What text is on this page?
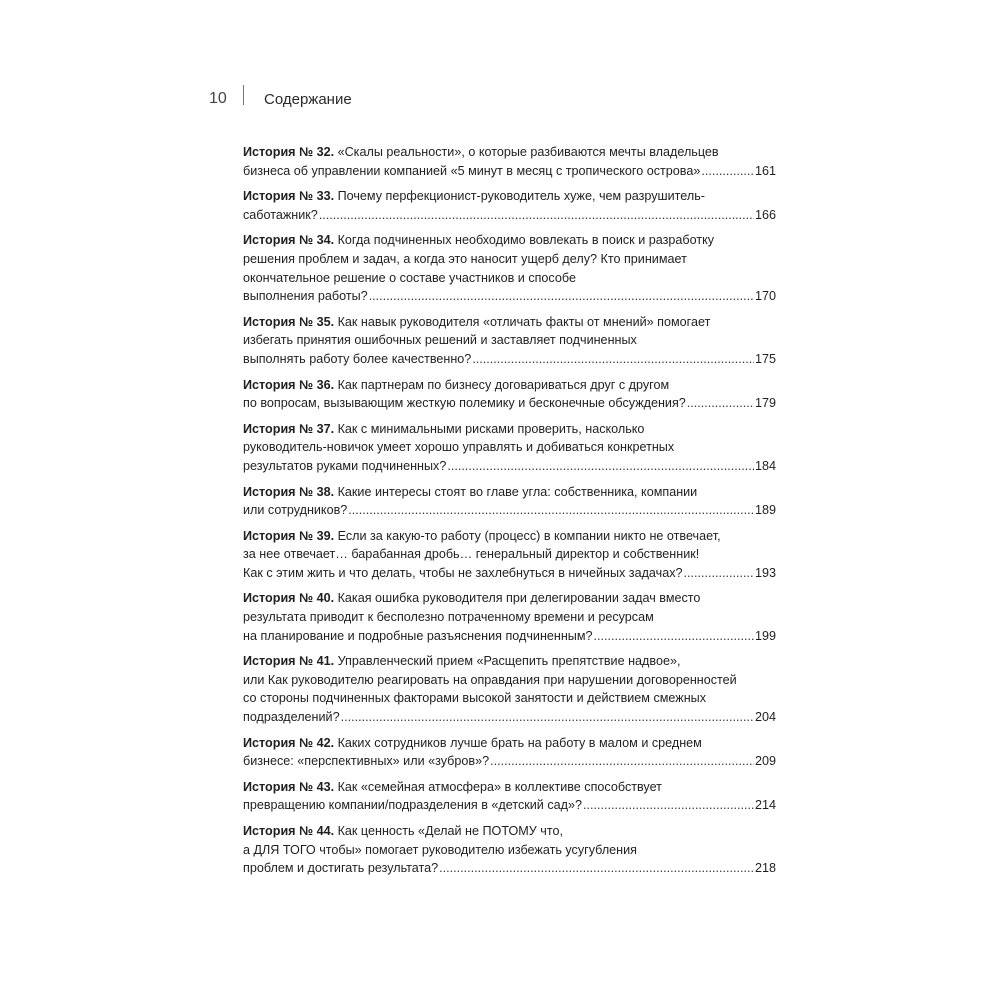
10	Содержание
История № 32. «Скалы реальности», о которые разбиваются мечты владельцев
бизнеса об управлении компанией «5 минут в месяц с тропического острова» .....	161
История № 33. Почему перфекционист-руководитель хуже, чем разрушитель-
саботажник? .....	166
История № 34. Когда подчиненных необходимо вовлекать в поиск и разработку
решения проблем и задач, а когда это наносит ущерб делу? Кто принимает
окончательное решение о составе участников и способе
выполнения работы? .....	170
История № 35. Как навык руководителя «отличать факты от мнений» помогает
избегать принятия ошибочных решений и заставляет подчиненных
выполнять работу более качественно? .....	175
История № 36. Как партнерам по бизнесу договариваться друг с другом
по вопросам, вызывающим жесткую полемику и бесконечные обсуждения? .....	179
История № 37. Как с минимальными рисками проверить, насколько
руководитель-новичок умеет хорошо управлять и добиваться конкретных
результатов руками подчиненных? .....	184
История № 38. Какие интересы стоят во главе угла: собственника, компании
или сотрудников? .....	189
История № 39. Если за какую-то работу (процесс) в компании никто не отвечает,
за нее отвечает… барабанная дробь… генеральный директор и собственник!
Как с этим жить и что делать, чтобы не захлебнуться в ничейных задачах? .....	193
История № 40. Какая ошибка руководителя при делегировании задач вместо
результата приводит к бесполезно потраченному времени и ресурсам
на планирование и подробные разъяснения подчиненным? .....	199
История № 41. Управленческий прием «Расщепить препятствие надвое»,
или Как руководителю реагировать на оправдания при нарушении договоренностей
со стороны подчиненных факторами высокой занятости и действием смежных
подразделений? .....	204
История № 42. Каких сотрудников лучше брать на работу в малом и среднем
бизнесе: «перспективных» или «зубров»? .....	209
История № 43. Как «семейная атмосфера» в коллективе способствует
превращению компании/подразделения в «детский сад»? .....	214
История № 44. Как ценность «Делай не ПОТОМУ что,
а ДЛЯ ТОГО чтобы» помогает руководителю избежать усугубления
проблем и достигать результата? .....	218
